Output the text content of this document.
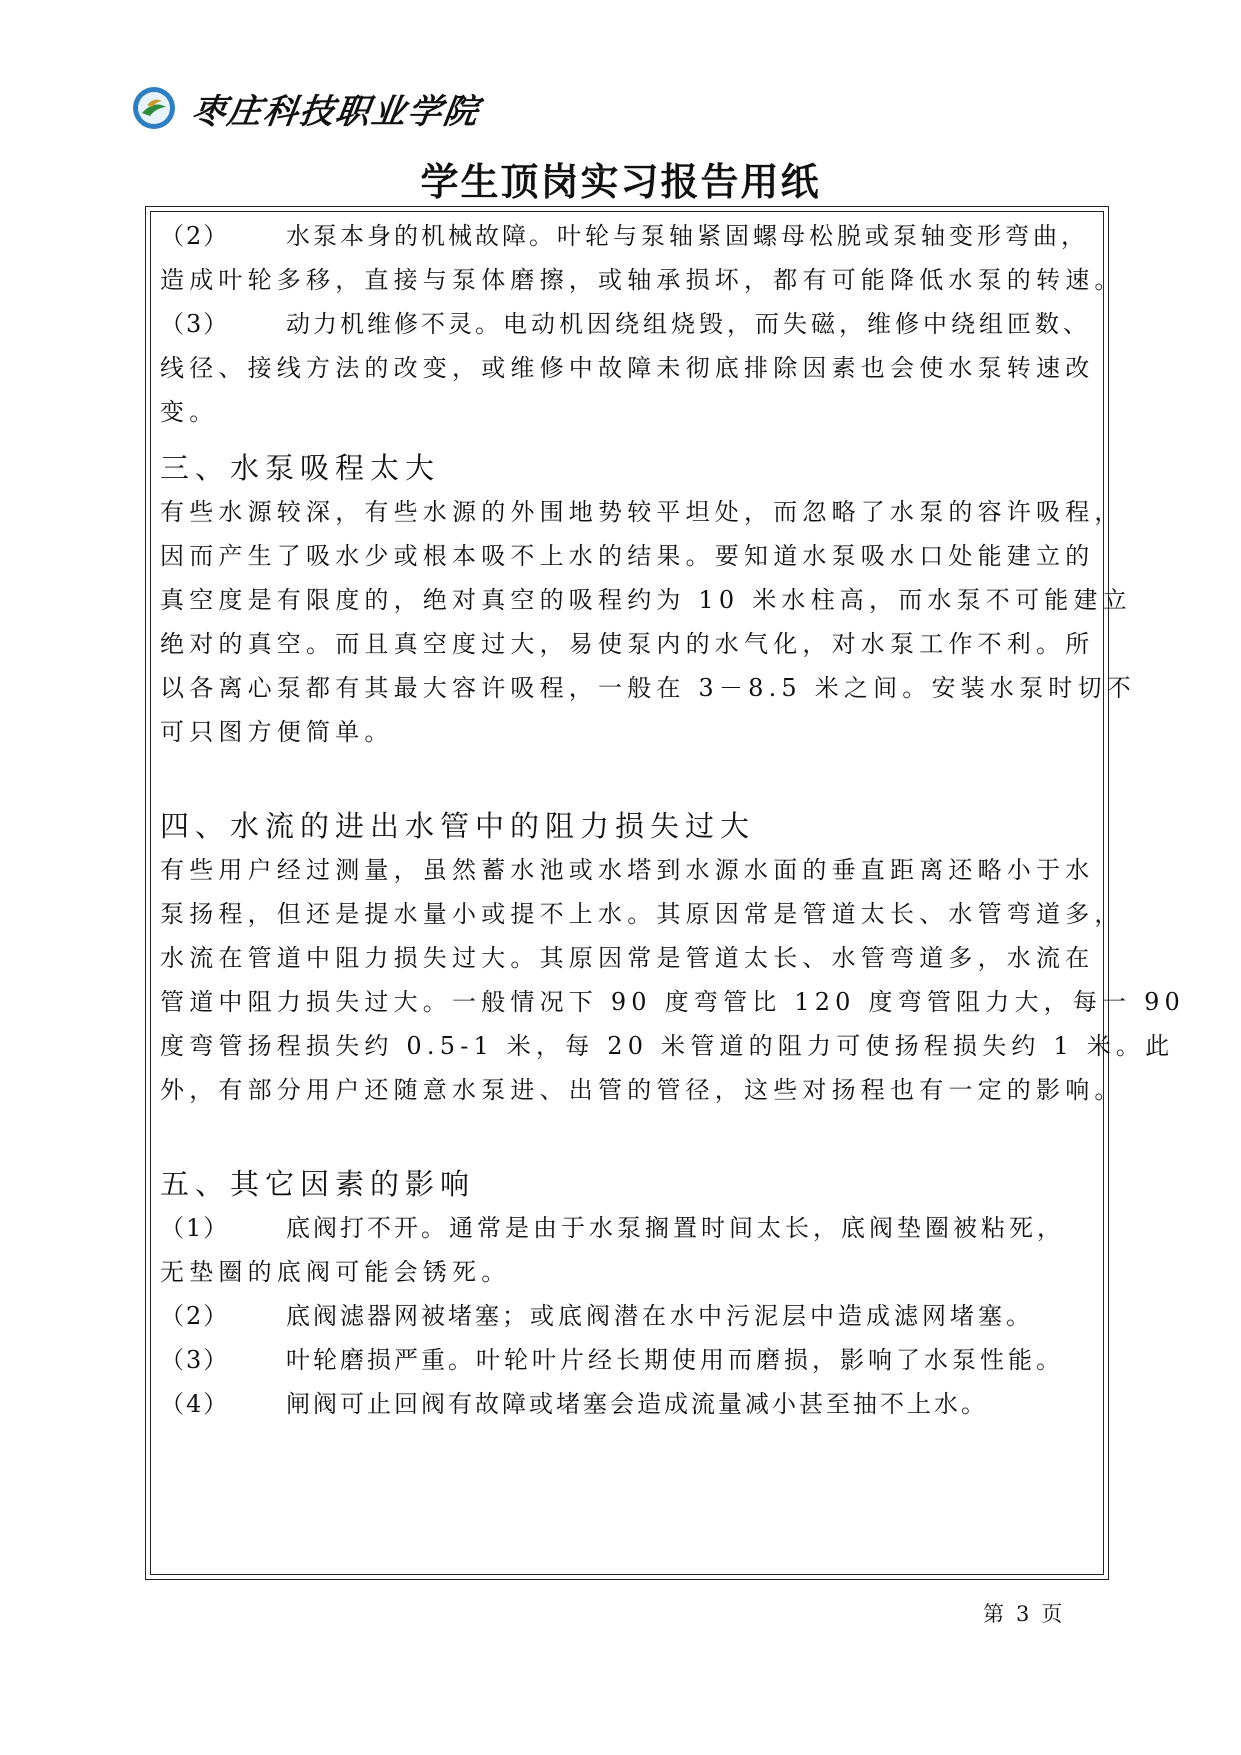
枣庄科技职业学院
学生顶岗实习报告用纸
（2）	水泵本身的机械故障 。叶轮与泵轴紧固螺母松脱或泵轴变形弯曲，
造成叶轮多移，直接与泵体磨擦，或轴承损坏，都有可能降低水泵的转速。
（3）	动力机维修不灵 。电动机因绕组烧毁，而失磁，维修中绕组匝数、
线径、接线方法的改变，或维修中故障未彻底排除因素也会使水泵转速改
变。
三、水泵吸程太大
有些水源较深，有些水源的外围地势较平坦处，而忽略了水泵的容许吸程，
因而产生了吸水少或根本吸不上水的结果。要知道水泵吸水口处能建立的
真空度是有限度的，绝对真空的吸程约为 10 米水柱高，而水泵不可能建立
绝对的真空。而且真空度过大，易使泵内的水气化，对水泵工作不利。所
以各离心泵都有其最大容许吸程，一般在 3－8.5 米之间。安装水泵时切不
可只图方便简单。
四、水流的进出水管中的阻力损失过大
有些用户经过测量，虽然蓄水池或水塔到水源水面的垂直距离还略小于水
泵扬程，但还是提水量小或提不上水。其原因常是管道太长、水管弯道多，
水流在管道中阻力损失过大。其原因常是管道太长、水管弯道多，水流在
管道中阻力损失过大。一般情况下 90 度弯管比 120 度弯管阻力大，每一 90
度弯管扬程损失约 0.5-1 米，每 20 米管道的阻力可使扬程损失约 1 米。此
外，有部分用户还随意水泵进、出管的管径，这些对扬程也有一定的影响。
五、其它因素的影响
（1）	底阀打不开 。通常是由于水泵搁置时间太长，底阀垫圈被粘死，
无垫圈的底阀可能会锈死。
（2）	底阀滤器网被堵塞 ；或底阀潜在水中污泥层中造成滤网堵塞。
（3）	叶轮磨损严重 。叶轮叶片经长期使用而磨损，影响了水泵性能。
（4）	闸阀可止回阀有故障或堵塞会造成流量减小甚至抽不上水 。
第 3 页
